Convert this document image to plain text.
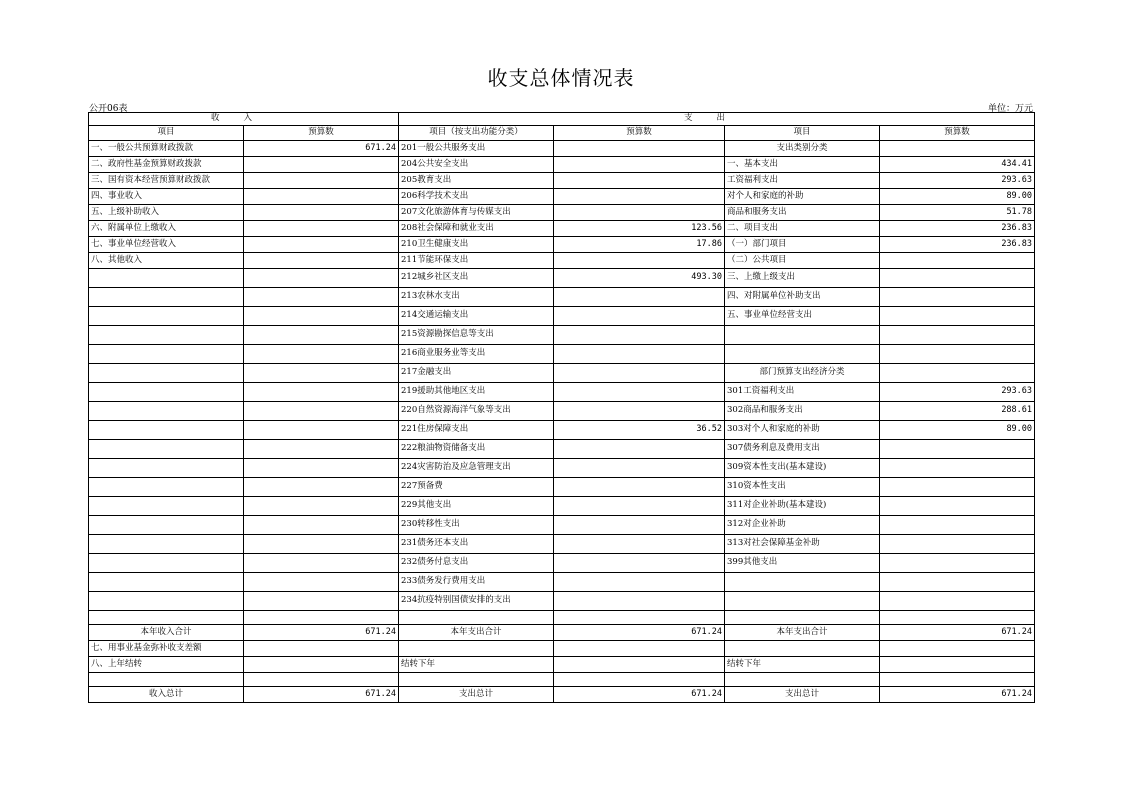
收支总体情况表
公开06表	单位：万元
收入		支出			
项目	预算数	项目（按支出功能分类）	预算数	项目	预算数
一、一般公共预算财政拨款	671.24	201一般公共服务支出		支出类别分类	
二、政府性基金预算财政拨款		204公共安全支出		一、基本支出	434.41
三、国有资本经营预算财政拨款		205教育支出		工资福利支出	293.63
四、事业收入		206科学技术支出		对个人和家庭的补助	89.00
五、上级补助收入		207文化旅游体育与传媒支出		商品和服务支出	51.78
六、附属单位上缴收入		208社会保障和就业支出	123.56	二、项目支出	236.83
七、事业单位经营收入		210卫生健康支出	17.86	（一）部门项目	236.83
八、其他收入		211节能环保支出		（二）公共项目	
		212城乡社区支出	493.30	三、上缴上级支出	
		213农林水支出		四、对附属单位补助支出	
		214交通运输支出		五、事业单位经营支出	
		215资源勘探信息等支出			
		216商业服务业等支出			
		217金融支出		部门预算支出经济分类	
		219援助其他地区支出		301工资福利支出	293.63
		220自然资源海洋气象等支出		302商品和服务支出	288.61
		221住房保障支出	36.52	303对个人和家庭的补助	89.00
		222粮油物资储备支出		307债务利息及费用支出	
		224灾害防治及应急管理支出		309资本性支出(基本建设)	
		227预备费		310资本性支出	
		229其他支出		311对企业补助(基本建设)	
		230转移性支出		312对企业补助	
		231债务还本支出		313对社会保障基金补助	
		232债务付息支出		399其他支出	
		233债务发行费用支出			
		234抗疫特别国债安排的支出			

本年收入合计	671.24	本年支出合计	671.24	本年支出合计	671.24
七、用事业基金弥补收支差额					
八、上年结转		结转下年		结转下年	

收入总计	671.24	支出总计	671.24	支出总计	671.24
